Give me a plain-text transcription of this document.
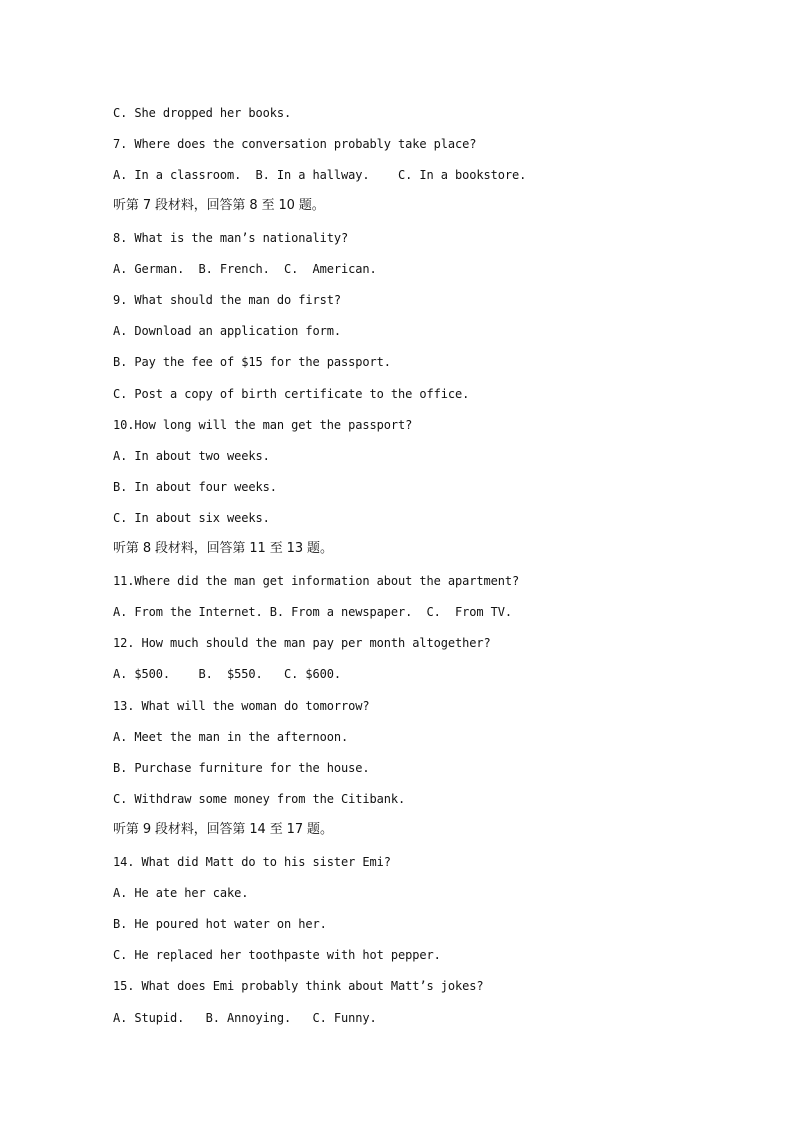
C. She dropped her books.
7. Where does the conversation probably take place?
A. In a classroom.  B. In a hallway.    C. In a bookstore.
听第 7 段材料，回答第 8 至 10 题。
8. What is the man’s nationality?
A. German.  B. French.  C.  American.
9. What should the man do first?
A. Download an application form.
B. Pay the fee of $15 for the passport.
C. Post a copy of birth certificate to the office.
10.How long will the man get the passport?
A. In about two weeks.
B. In about four weeks.
C. In about six weeks.
听第 8 段材料，回答第 11 至 13 题。
11.Where did the man get information about the apartment?
A. From the Internet. B. From a newspaper.  C.  From TV.
12. How much should the man pay per month altogether?
A. $500.    B.  $550.   C. $600.
13. What will the woman do tomorrow?
A. Meet the man in the afternoon.
B. Purchase furniture for the house.
C. Withdraw some money from the Citibank.
听第 9 段材料，回答第 14 至 17 题。
14. What did Matt do to his sister Emi?
A. He ate her cake.
B. He poured hot water on her.
C. He replaced her toothpaste with hot pepper.
15. What does Emi probably think about Matt’s jokes?
A. Stupid.   B. Annoying.   C. Funny.
